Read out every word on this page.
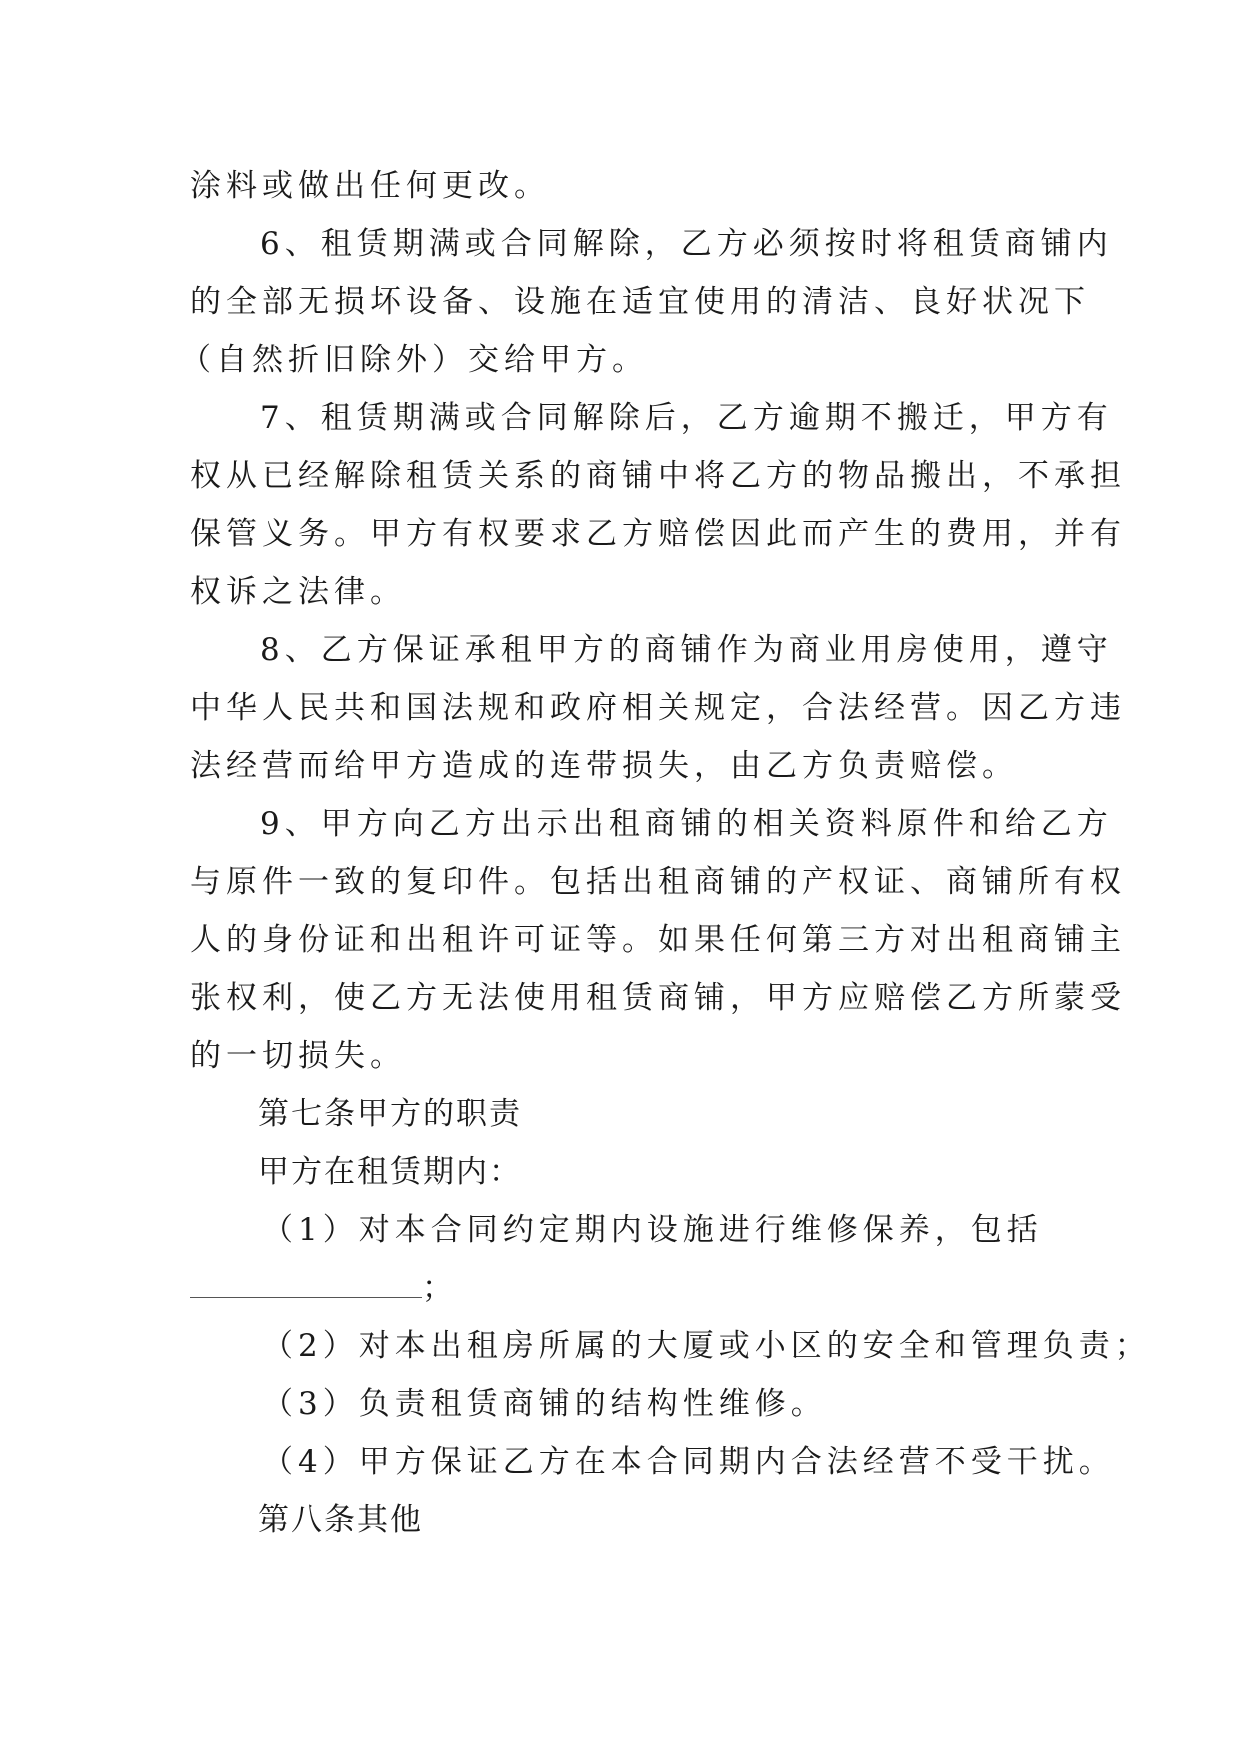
涂料或做出任何更改。

6、租赁期满或合同解除，乙方必须按时将租赁商铺内

的全部无损坏设备、设施在适宜使用的清洁、良好状况下

（自然折旧除外）交给甲方。

7、租赁期满或合同解除后，乙方逾期不搬迁，甲方有

权从已经解除租赁关系的商铺中将乙方的物品搬出，不承担

保管义务。甲方有权要求乙方赔偿因此而产生的费用，并有

权诉之法律。

8、乙方保证承租甲方的商铺作为商业用房使用，遵守

中华人民共和国法规和政府相关规定，合法经营。因乙方违

法经营而给甲方造成的连带损失，由乙方负责赔偿。

9、甲方向乙方出示出租商铺的相关资料原件和给乙方

与原件一致的复印件。包括出租商铺的产权证、商铺所有权

人的身份证和出租许可证等。如果任何第三方对出租商铺主

张权利，使乙方无法使用租赁商铺，甲方应赔偿乙方所蒙受

的一切损失。

第七条甲方的职责

甲方在租赁期内：

（1）对本合同约定期内设施进行维修保养，包括

；

（2）对本出租房所属的大厦或小区的安全和管理负责；

（3）负责租赁商铺的结构性维修。

（4）甲方保证乙方在本合同期内合法经营不受干扰。

第八条其他
